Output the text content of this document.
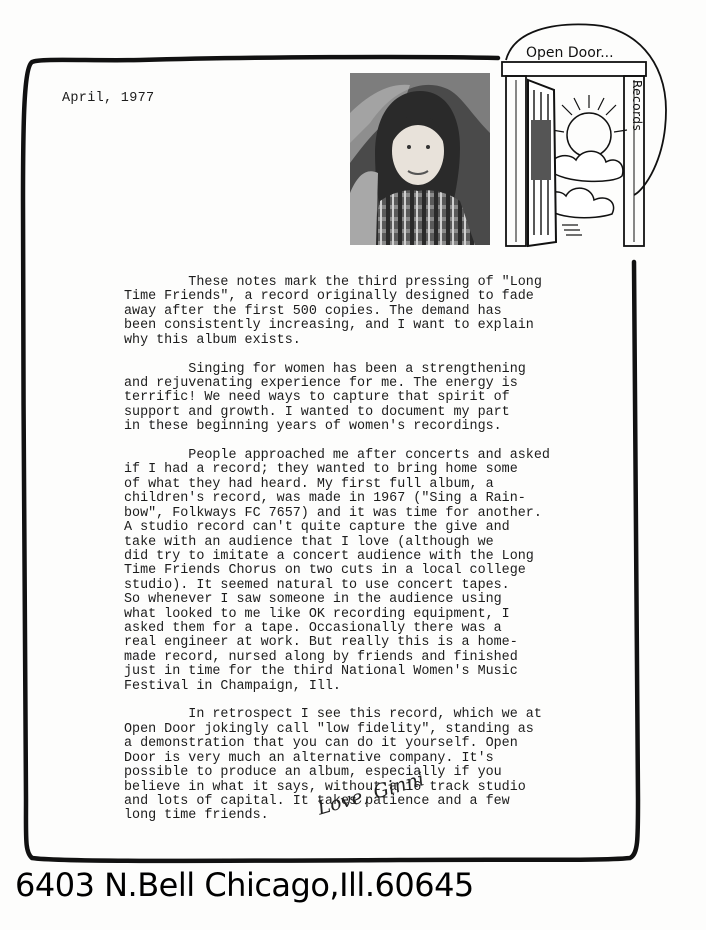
April, 1977
Open Door...
Records

These notes mark the third pressing of "Long
Time Friends", a record originally designed to fade
away after the first 500 copies. The demand has
been consistently increasing, and I want to explain
why this album exists.

Singing for women has been a strengthening
and rejuvenating experience for me. The energy is
terrific! We need ways to capture that spirit of
support and growth. I wanted to document my part
in these beginning years of women's recordings.

People approached me after concerts and asked
if I had a record; they wanted to bring home some
of what they had heard. My first full album, a
children's record, was made in 1967 ("Sing a Rain-
bow", Folkways FC 7657) and it was time for another.
A studio record can't quite capture the give and
take with an audience that I love (although we
did try to imitate a concert audience with the Long
Time Friends Chorus on two cuts in a local college
studio). It seemed natural to use concert tapes.
So whenever I saw someone in the audience using
what looked to me like OK recording equipment, I
asked them for a tape. Occasionally there was a
real engineer at work. But really this is a home-
made record, nursed along by friends and finished
just in time for the third National Women's Music
Festival in Champaign, Ill.

In retrospect I see this record, which we at
Open Door jokingly call "low fidelity", standing as
a demonstration that you can do it yourself. Open
Door is very much an alternative company. It's
possible to produce an album, especially if you
believe in what it says, without a 16 track studio
and lots of capital. It takes patience and a few
long time friends.	Love, Ginni
6403 N.Bell Chicago,Ill.60645
